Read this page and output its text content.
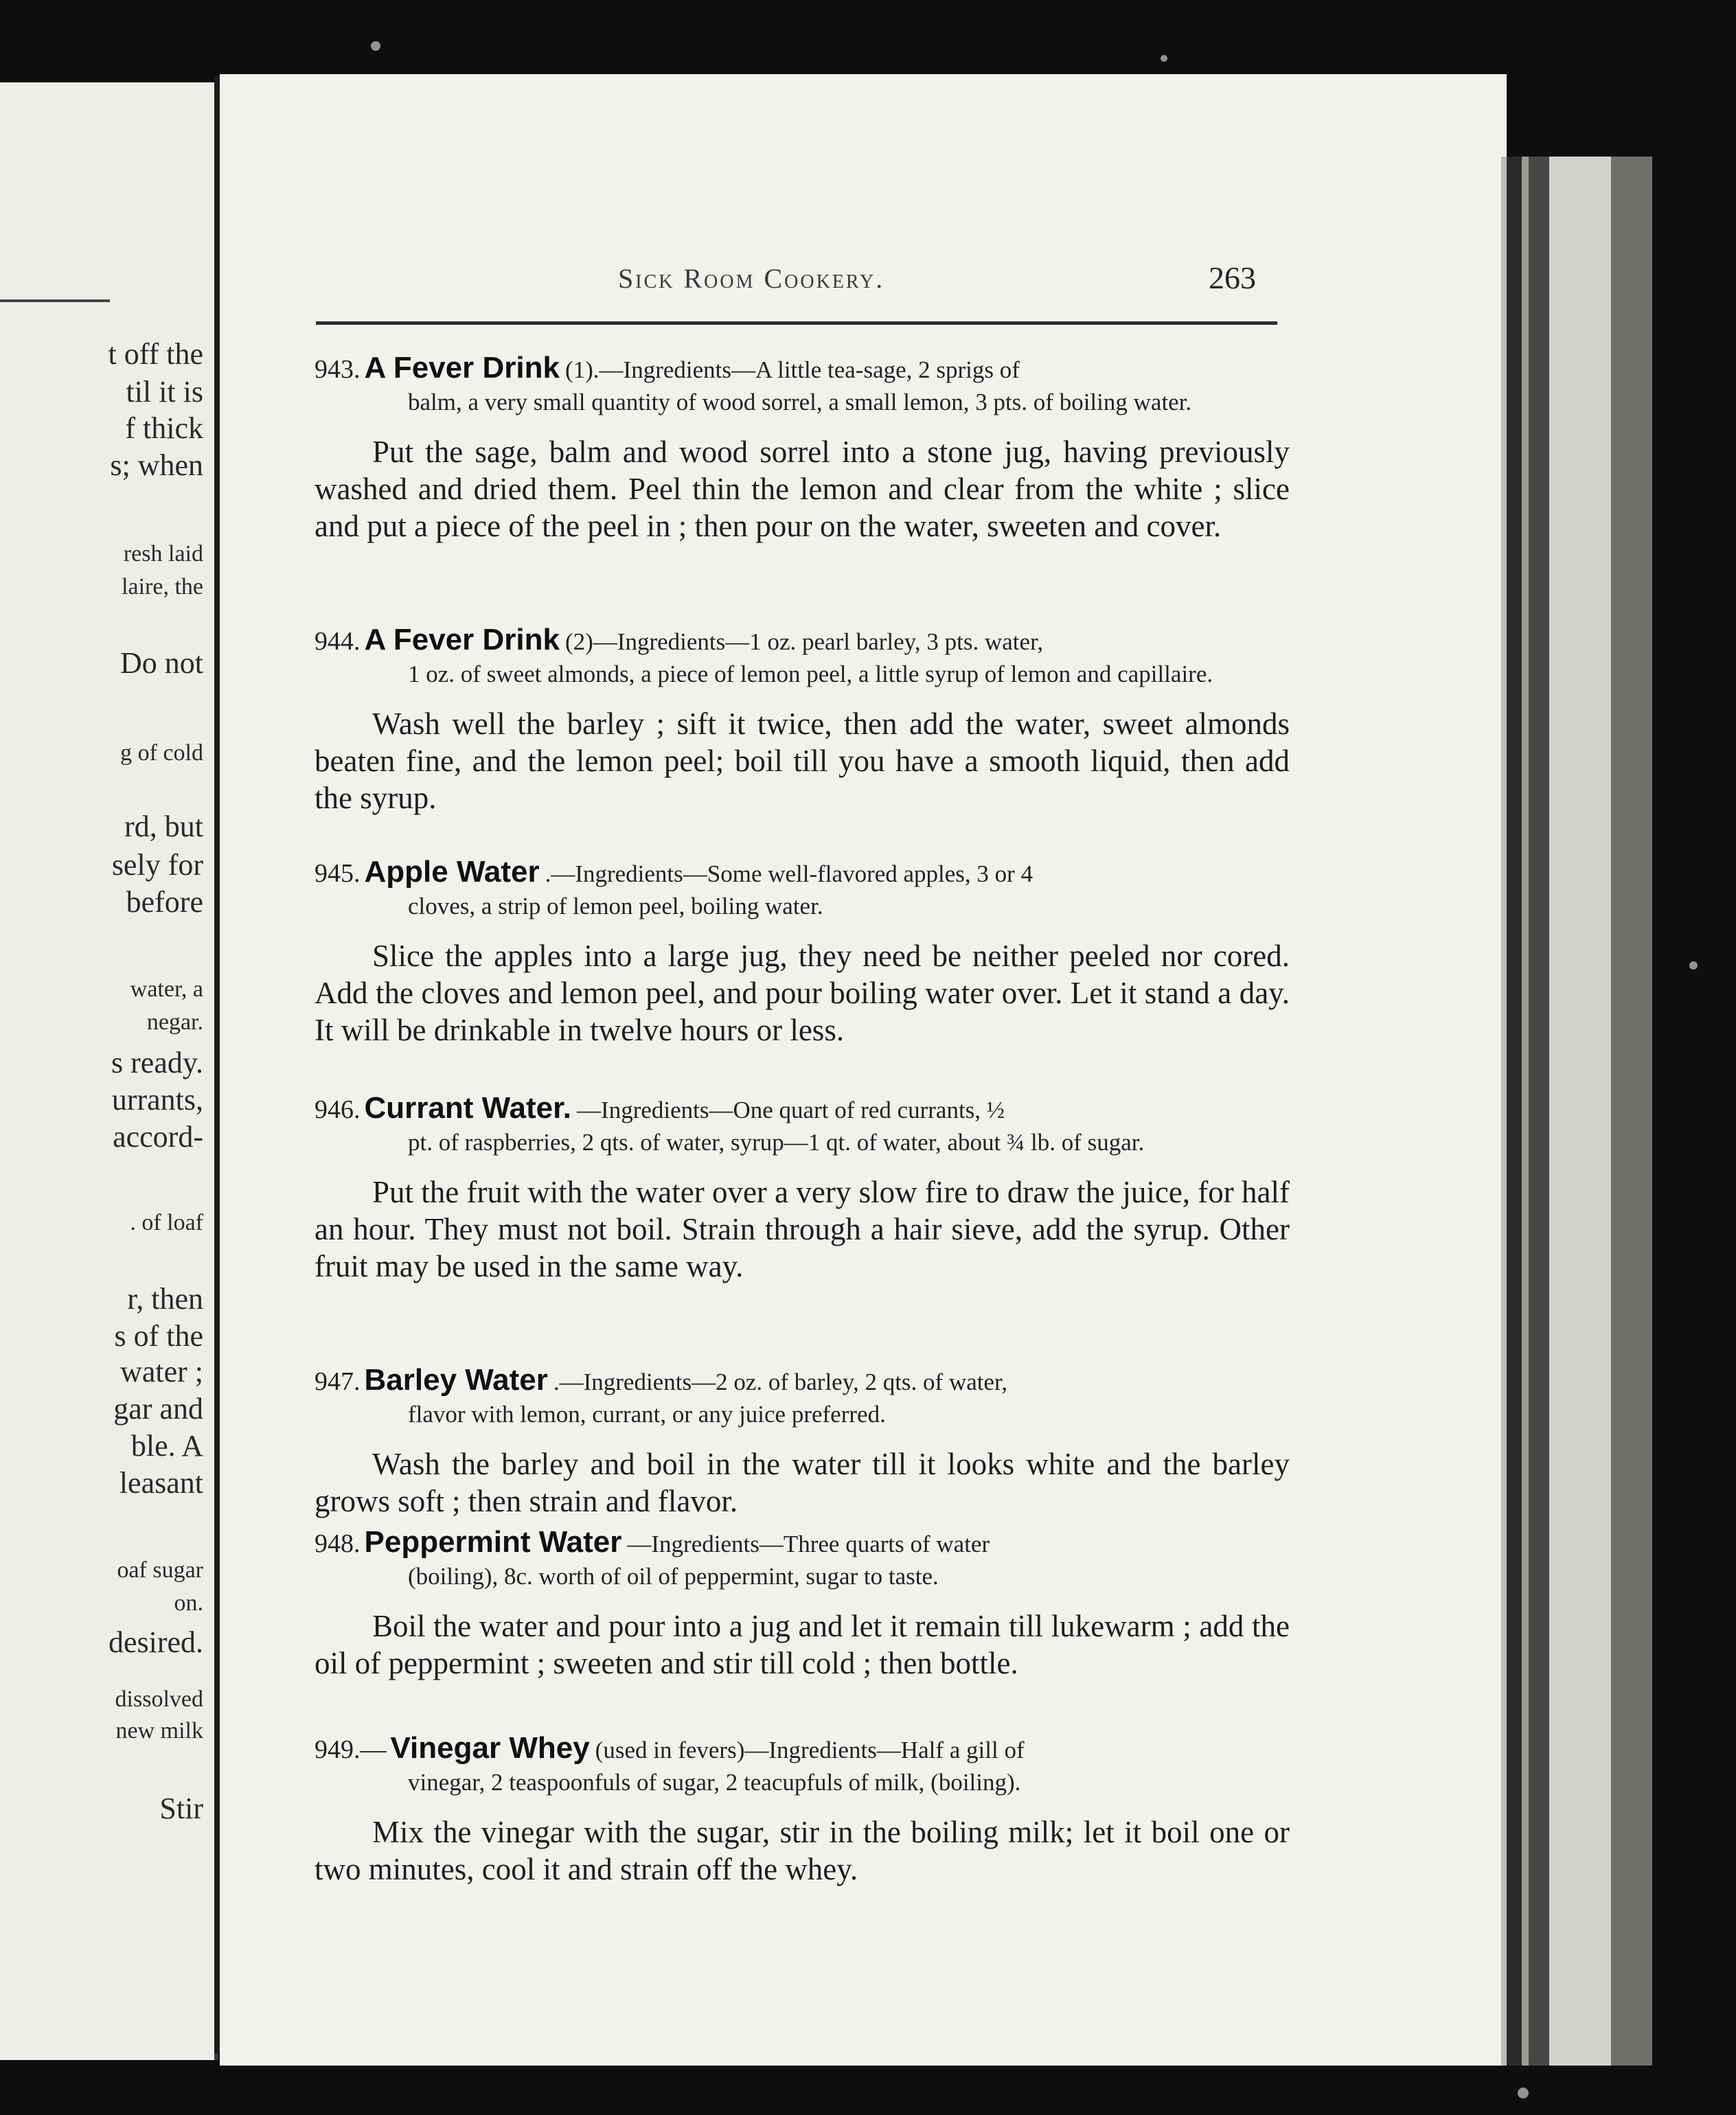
t off the
til it is
f thick
s; when
resh laid
laire, the
Do not
g of cold
rd, but
sely for
before
water, a
negar.
s ready.
urrants,
accord-
. of loaf
r, then
s of the
water ;
gar and
ble. A
leasant
oaf sugar
on.
desired.
dissolved
new milk
Stir
Sick Room Cookery.	263
943. A Fever Drink (1).—Ingredients—A little tea-sage, 2 sprigs of
balm, a very small quantity of wood sorrel, a small lemon, 3 pts. of boiling water.
Put the sage, balm and wood sorrel into a stone jug, having previously washed and dried them. Peel thin the lemon and clear from the white ; slice and put a piece of the peel in ; then pour on the water, sweeten and cover.
944. A Fever Drink (2)—Ingredients—1 oz. pearl barley, 3 pts. water,
1 oz. of sweet almonds, a piece of lemon peel, a little syrup of lemon and capillaire.
Wash well the barley ; sift it twice, then add the water, sweet almonds beaten fine, and the lemon peel; boil till you have a smooth liquid, then add the syrup.
945. Apple Water .—Ingredients—Some well-flavored apples, 3 or 4
cloves, a strip of lemon peel, boiling water.
Slice the apples into a large jug, they need be neither peeled nor cored. Add the cloves and lemon peel, and pour boiling water over. Let it stand a day. It will be drinkable in twelve hours or less.
946. Currant Water. —Ingredients—One quart of red currants, ½
pt. of raspberries, 2 qts. of water, syrup—1 qt. of water, about ¾ lb. of sugar.
Put the fruit with the water over a very slow fire to draw the juice, for half an hour. They must not boil. Strain through a hair sieve, add the syrup. Other fruit may be used in the same way.
947. Barley Water .—Ingredients—2 oz. of barley, 2 qts. of water,
flavor with lemon, currant, or any juice preferred.
Wash the barley and boil in the water till it looks white and the barley grows soft ; then strain and flavor.
948. Peppermint Water —Ingredients—Three quarts of water
(boiling), 8c. worth of oil of peppermint, sugar to taste.
Boil the water and pour into a jug and let it remain till lukewarm ; add the oil of peppermint ; sweeten and stir till cold ; then bottle.
949.— Vinegar Whey (used in fevers)—Ingredients—Half a gill of
vinegar, 2 teaspoonfuls of sugar, 2 teacupfuls of milk, (boiling).
Mix the vinegar with the sugar, stir in the boiling milk; let it boil one or two minutes, cool it and strain off the whey.
